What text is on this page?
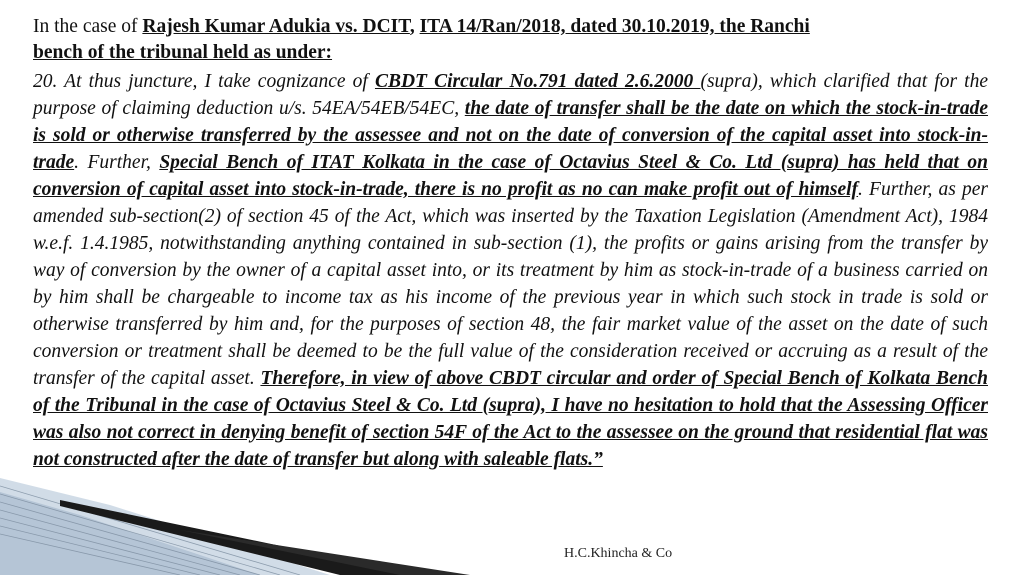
In the case of Rajesh Kumar Adukia vs. DCIT, ITA 14/Ran/2018, dated 30.10.2019, the Ranchi
bench of the tribunal held as under:

20. At thus juncture, I take cognizance of CBDT Circular No.791 dated 2.6.2000 (supra), which clarified that for the purpose of claiming deduction u/s. 54EA/54EB/54EC, the date of transfer shall be the date on which the stock-in-trade is sold or otherwise transferred by the assessee and not on the date of conversion of the capital asset into stock-in-trade. Further, Special Bench of ITAT Kolkata in the case of Octavius Steel & Co. Ltd (supra) has held that on conversion of capital asset into stock-in-trade, there is no profit as no can make profit out of himself. Further, as per amended sub-section(2) of section 45 of the Act, which was inserted by the Taxation Legislation (Amendment Act), 1984 w.e.f. 1.4.1985, notwithstanding anything contained in sub-section (1), the profits or gains arising from the transfer by way of conversion by the owner of a capital asset into, or its treatment by him as stock-in-trade of a business carried on by him shall be chargeable to income tax as his income of the previous year in which such stock in trade is sold or otherwise transferred by him and, for the purposes of section 48, the fair market value of the asset on the date of such conversion or treatment shall be deemed to be the full value of the consideration received or accruing as a result of the transfer of the capital asset. Therefore, in view of above CBDT circular and order of Special Bench of Kolkata Bench of the Tribunal in the case of Octavius Steel & Co. Ltd (supra), I have no hesitation to hold that the Assessing Officer was also not correct in denying benefit of section 54F of the Act to the assessee on the ground that residential flat was not constructed after the date of transfer but along with saleable flats.”

H.C.Khincha & Co
